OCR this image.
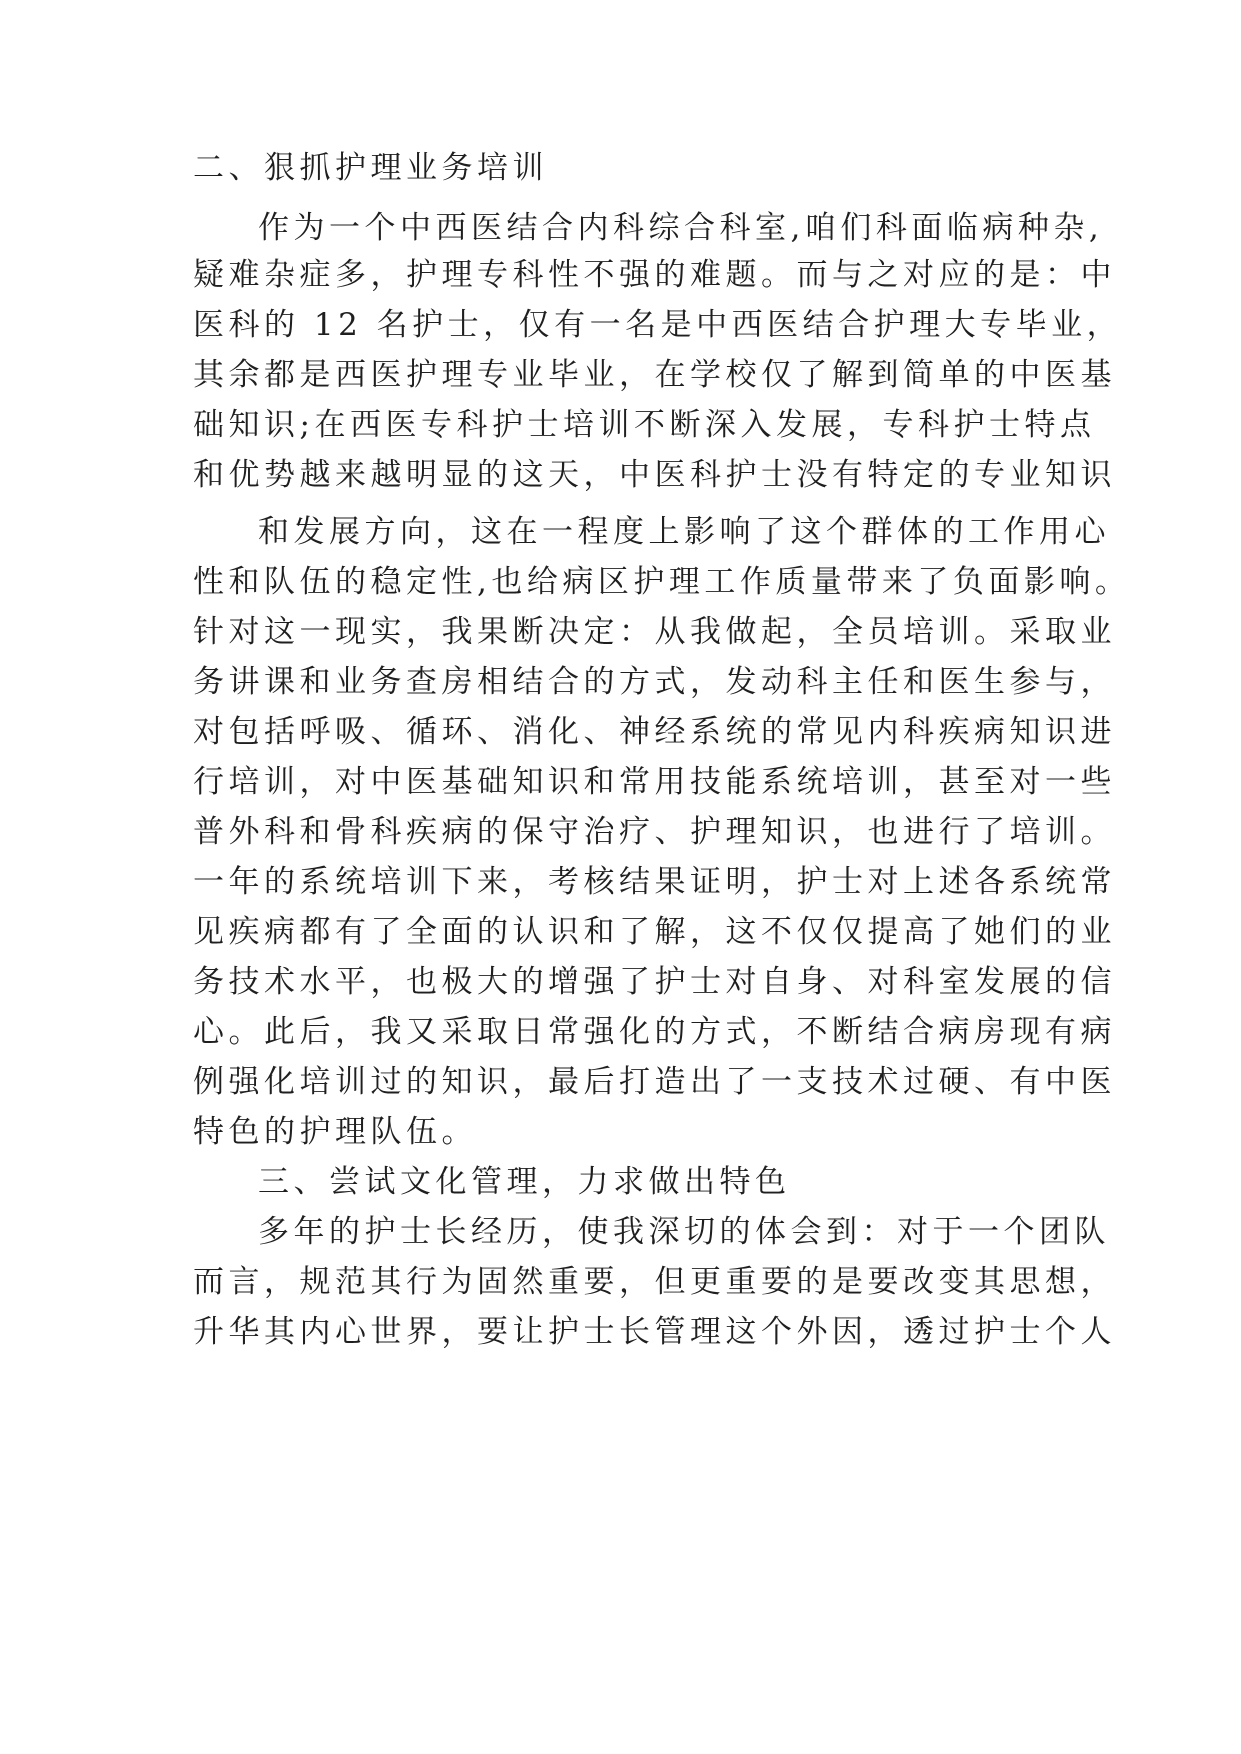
二、狠抓护理业务培训

作为一个中西医结合内科综合科室,咱们科面临病种杂,

疑难杂症多，护理专科性不强的难题。而与之对应的是：中

医科的 12 名护士，仅有一名是中西医结合护理大专毕业，

其余都是西医护理专业毕业，在学校仅了解到简单的中医基

础知识;在西医专科护士培训不断深入发展，专科护士特点

和优势越来越明显的这天，中医科护士没有特定的专业知识

和发展方向，这在一程度上影响了这个群体的工作用心

性和队伍的稳定性,也给病区护理工作质量带来了负面影响。

针对这一现实，我果断决定：从我做起，全员培训。采取业

务讲课和业务查房相结合的方式，发动科主任和医生参与，

对包括呼吸、循环、消化、神经系统的常见内科疾病知识进

行培训，对中医基础知识和常用技能系统培训，甚至对一些

普外科和骨科疾病的保守治疗、护理知识，也进行了培训。

一年的系统培训下来，考核结果证明，护士对上述各系统常

见疾病都有了全面的认识和了解，这不仅仅提高了她们的业

务技术水平，也极大的增强了护士对自身、对科室发展的信

心。此后，我又采取日常强化的方式，不断结合病房现有病

例强化培训过的知识，最后打造出了一支技术过硬、有中医

特色的护理队伍。

三、尝试文化管理，力求做出特色

多年的护士长经历，使我深切的体会到：对于一个团队

而言，规范其行为固然重要，但更重要的是要改变其思想，

升华其内心世界，要让护士长管理这个外因，透过护士个人
